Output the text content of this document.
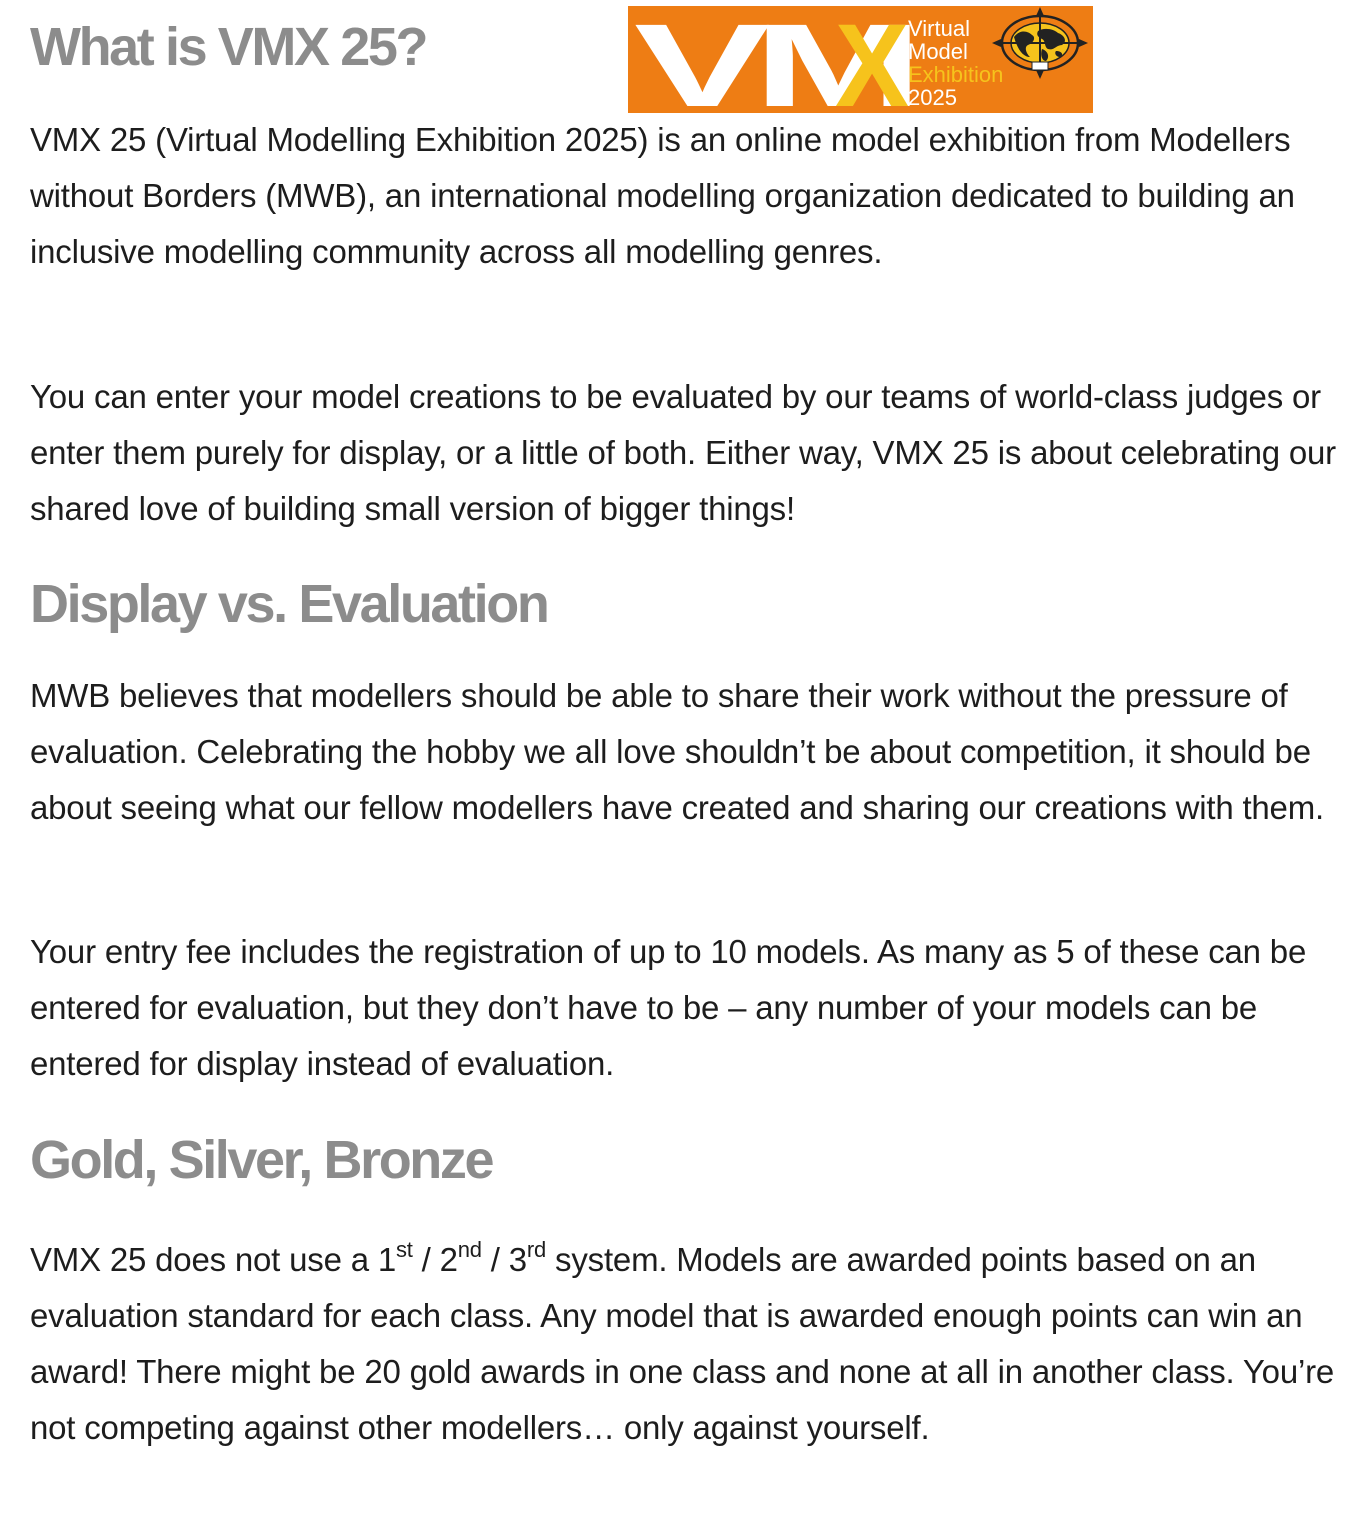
What is VMX 25?

VMX 25 (Virtual Modelling Exhibition 2025) is an online model exhibition from Modellers without Borders (MWB), an international modelling organization dedicated to building an inclusive modelling community across all modelling genres.

You can enter your model creations to be evaluated by our teams of world-class judges or enter them purely for display, or a little of both. Either way, VMX 25 is about celebrating our shared love of building small version of bigger things!

Display vs. Evaluation

MWB believes that modellers should be able to share their work without the pressure of evaluation. Celebrating the hobby we all love shouldn’t be about competition, it should be about seeing what our fellow modellers have created and sharing our creations with them.

Your entry fee includes the registration of up to 10 models. As many as 5 of these can be entered for evaluation, but they don’t have to be – any number of your models can be entered for display instead of evaluation.

Gold, Silver, Bronze

VMX 25 does not use a 1st / 2nd / 3rd system. Models are awarded points based on an evaluation standard for each class. Any model that is awarded enough points can win an award! There might be 20 gold awards in one class and none at all in another class. You’re not competing against other modellers… only against yourself.

VM
X Virtual
Model
Exhibition
2025
